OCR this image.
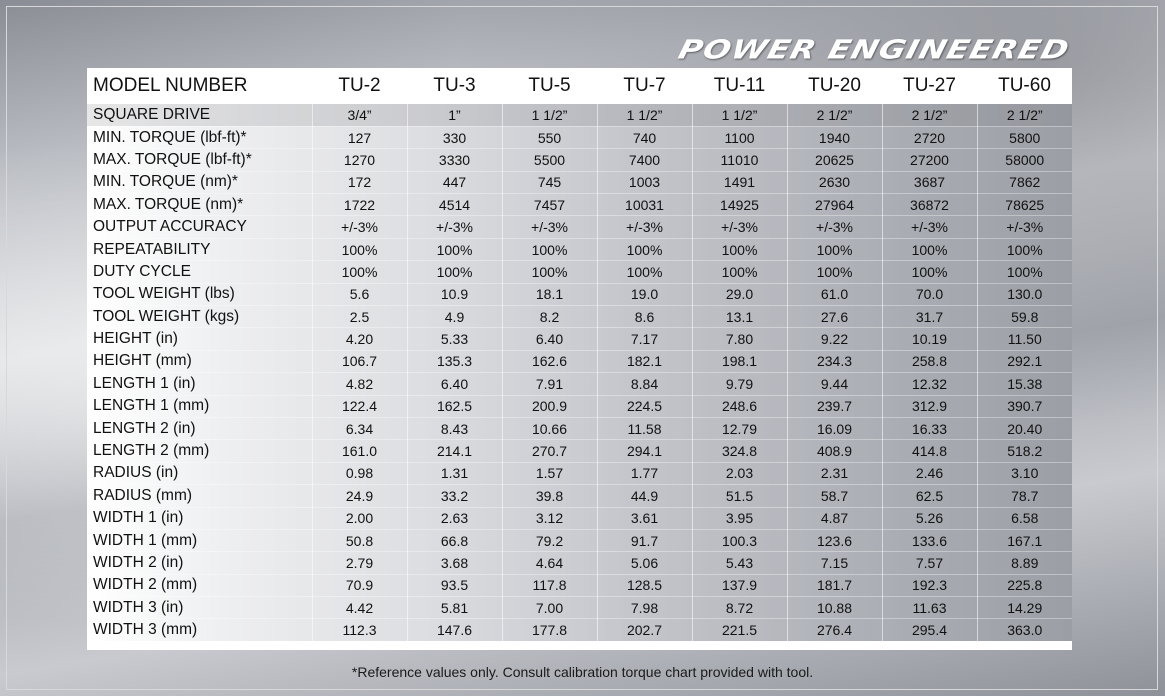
POWER ENGINEERED
MODEL NUMBER	TU-2	TU-3	TU-5	TU-7	TU-11	TU-20	TU-27	TU-60
SQUARE DRIVE	3/4”	1”	1 1/2”	1 1/2”	1 1/2”	2 1/2”	2 1/2”	2 1/2”
MIN. TORQUE (lbf-ft)*	127	330	550	740	1100	1940	2720	5800
MAX. TORQUE (lbf-ft)*	1270	3330	5500	7400	11010	20625	27200	58000
MIN. TORQUE (nm)*	172	447	745	1003	1491	2630	3687	7862
MAX. TORQUE (nm)*	1722	4514	7457	10031	14925	27964	36872	78625
OUTPUT ACCURACY	+/-3%	+/-3%	+/-3%	+/-3%	+/-3%	+/-3%	+/-3%	+/-3%
REPEATABILITY	100%	100%	100%	100%	100%	100%	100%	100%
DUTY CYCLE	100%	100%	100%	100%	100%	100%	100%	100%
TOOL WEIGHT (lbs)	5.6	10.9	18.1	19.0	29.0	61.0	70.0	130.0
TOOL WEIGHT (kgs)	2.5	4.9	8.2	8.6	13.1	27.6	31.7	59.8
HEIGHT (in)	4.20	5.33	6.40	7.17	7.80	9.22	10.19	11.50
HEIGHT (mm)	106.7	135.3	162.6	182.1	198.1	234.3	258.8	292.1
LENGTH 1 (in)	4.82	6.40	7.91	8.84	9.79	9.44	12.32	15.38
LENGTH 1 (mm)	122.4	162.5	200.9	224.5	248.6	239.7	312.9	390.7
LENGTH 2 (in)	6.34	8.43	10.66	11.58	12.79	16.09	16.33	20.40
LENGTH 2 (mm)	161.0	214.1	270.7	294.1	324.8	408.9	414.8	518.2
RADIUS (in)	0.98	1.31	1.57	1.77	2.03	2.31	2.46	3.10
RADIUS (mm)	24.9	33.2	39.8	44.9	51.5	58.7	62.5	78.7
WIDTH 1 (in)	2.00	2.63	3.12	3.61	3.95	4.87	5.26	6.58
WIDTH 1 (mm)	50.8	66.8	79.2	91.7	100.3	123.6	133.6	167.1
WIDTH 2 (in)	2.79	3.68	4.64	5.06	5.43	7.15	7.57	8.89
WIDTH 2 (mm)	70.9	93.5	117.8	128.5	137.9	181.7	192.3	225.8
WIDTH 3 (in)	4.42	5.81	7.00	7.98	8.72	10.88	11.63	14.29
WIDTH 3 (mm)	112.3	147.6	177.8	202.7	221.5	276.4	295.4	363.0
*Reference values only. Consult calibration torque chart provided with tool.
